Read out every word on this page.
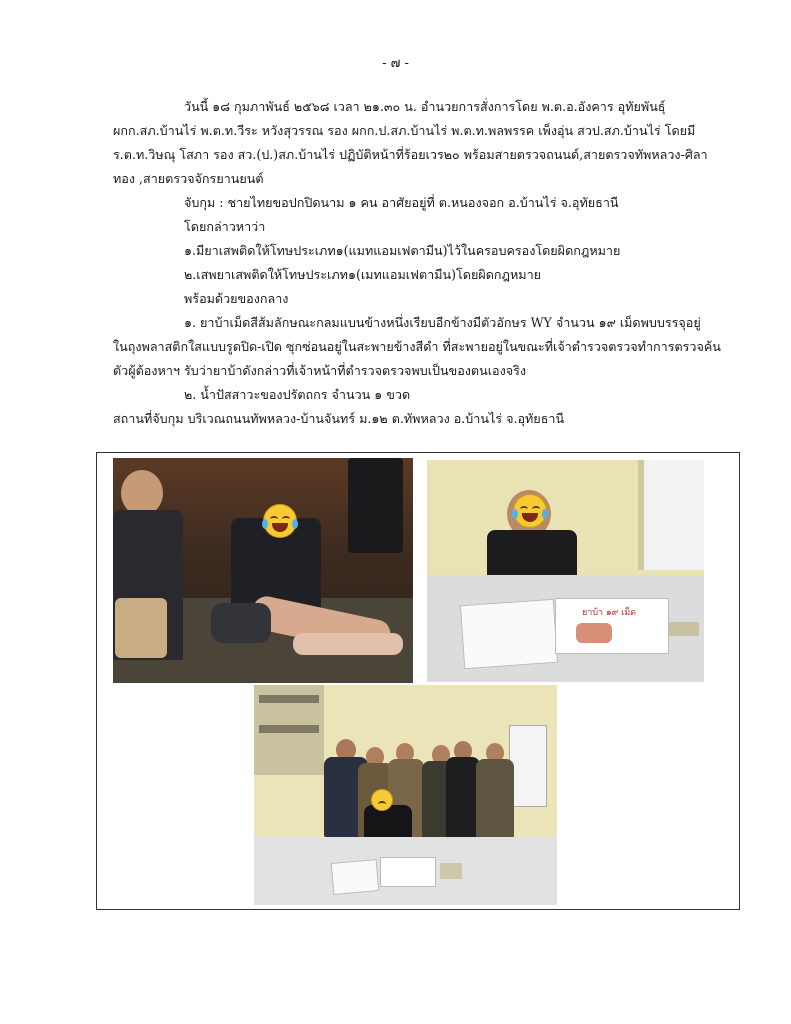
- ๗ -
วันนี้ ๑๘ กุมภาพันธ์ ๒๕๖๘ เวลา ๒๑.๓๐ น. อำนวยการสั่งการโดย พ.ต.อ.อังคาร อุทัยพันธุ์
ผกก.สภ.บ้านไร่ พ.ต.ท.วีระ หวังสุวรรณ รอง ผกก.ป.สภ.บ้านไร่ พ.ต.ท.พลพรรค เพ็งอุ่น สวป.สภ.บ้านไร่ โดยมี
ร.ต.ท.วิษณุ โสภา รอง สว.(ป.)สภ.บ้านไร่ ปฏิบัติหน้าที่ร้อยเวร๒๐ พร้อมสายตรวจถนนด์,สายตรวจทัพหลวง-ศิลา
ทอง ,สายตรวจจักรยานยนต์
จับกุม : ชายไทยขอปกปิดนาม ๑ คน อาศัยอยู่ที่ ต.หนองจอก อ.บ้านไร่ จ.อุทัยธานี
โดยกล่าวหาว่า
๑.มียาเสพติดให้โทษประเภท๑(แมทแอมเฟตามีน)ไว้ในครอบครองโดยผิดกฎหมาย
๒.เสพยาเสพติดให้โทษประเภท๑(เมทแอมเฟตามีน)โดยผิดกฎหมาย
พร้อมด้วยของกลาง
๑. ยาบ้าเม็ดสีส้มลักษณะกลมแบนข้างหนึ่งเรียบอีกข้างมีตัวอักษร WY จำนวน ๑๙ เม็ดพบบรรจุอยู่
ในถุงพลาสติกใสแบบรูดปิด-เปิด ซุกซ่อนอยู่ในสะพายข้างสีดำ ที่สะพายอยู่ในขณะที่เจ้าตำรวจตรวจทำการตรวจค้น
ตัวผู้ต้องหาฯ รับว่ายาบ้าดังกล่าวที่เจ้าหน้าที่ตำรวจตรวจพบเป็นของตนเองจริง
๒. น้ำปัสสาวะของปรัตถกร จำนวน ๑ ขวด
สถานที่จับกุม บริเวณถนนทัพหลวง-บ้านจันทร์ ม.๑๒ ต.ทัพหลวง อ.บ้านไร่ จ.อุทัยธานี
ยาบ้า ๑๙ เม็ด
